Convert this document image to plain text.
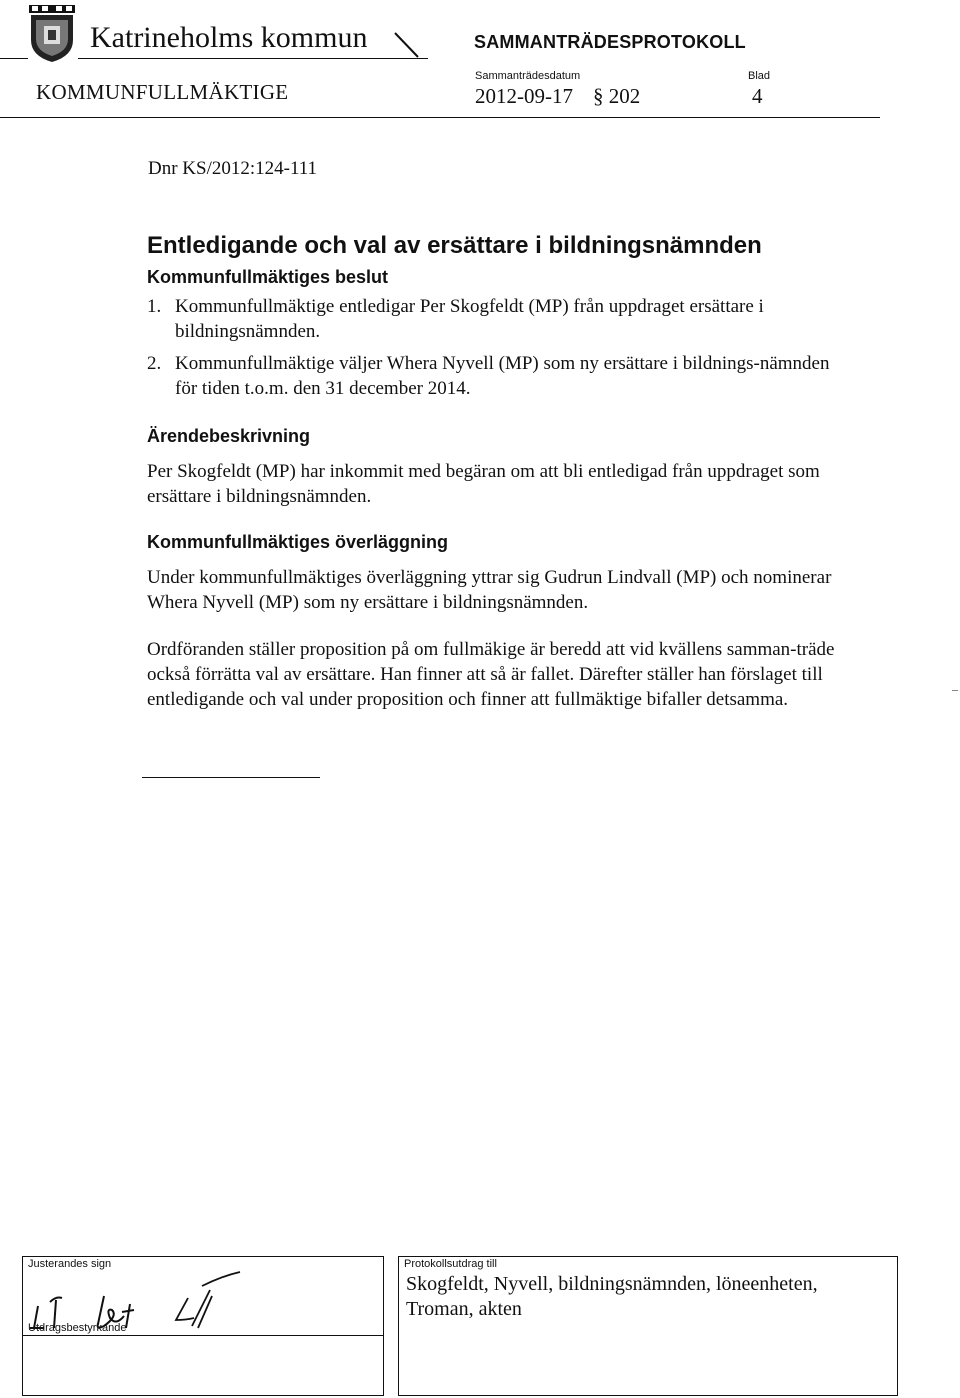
Katrineholms kommun	SAMMANTRÄDESPROTOKOLL
KOMMUNFULLMÄKTIGE
Sammanträdesdatum	Blad
2012-09-17 § 202	4
Dnr KS/2012:124-111
Entledigande och val av ersättare i bildningsnämnden
Kommunfullmäktiges beslut
1. Kommunfullmäktige entledigar Per Skogfeldt (MP) från uppdraget ersättare i bildningsnämnden.
2. Kommunfullmäktige väljer Whera Nyvell (MP) som ny ersättare i bildnings-nämnden för tiden t.o.m. den 31 december 2014.
Ärendebeskrivning

Per Skogfeldt (MP) har inkommit med begäran om att bli entledigad från uppdraget som ersättare i bildningsnämnden.

Kommunfullmäktiges överläggning

Under kommunfullmäktiges överläggning yttrar sig Gudrun Lindvall (MP) och nominerar Whera Nyvell (MP) som ny ersättare i bildningsnämnden.

Ordföranden ställer proposition på om fullmäkige är beredd att vid kvällens samman-träde också förrätta val av ersättare. Han finner att så är fallet. Därefter ställer han förslaget till entledigande och val under proposition och finner att fullmäktige bifaller detsamma.

Justerandes sign
Utdragsbestyrkande
Protokollsutdrag till
Skogfeldt, Nyvell, bildningsnämnden, löneenheten, Troman, akten
